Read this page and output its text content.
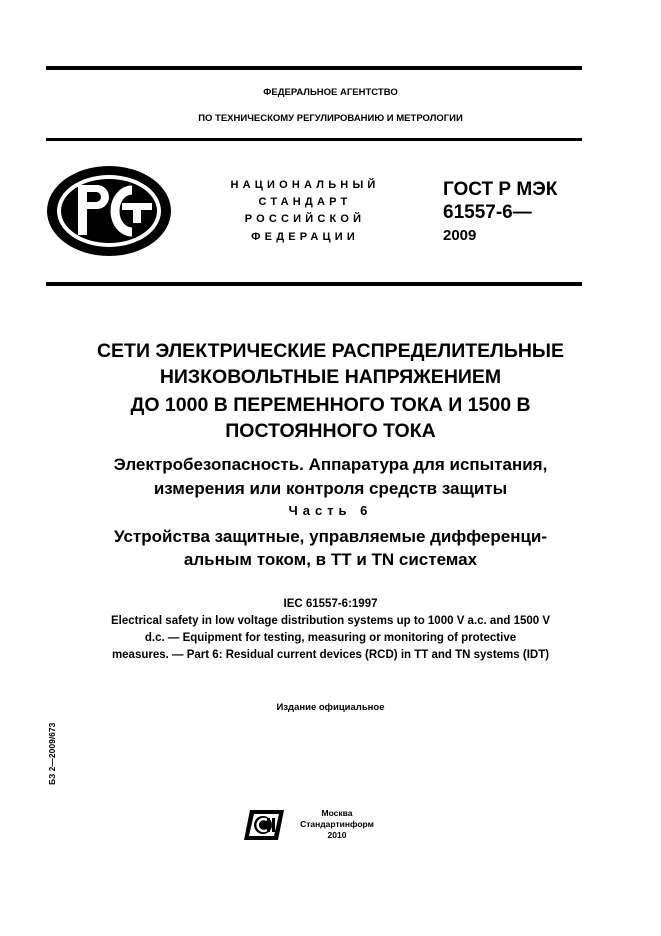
ФЕДЕРАЛЬНОЕ АГЕНТСТВО
ПО ТЕХНИЧЕСКОМУ РЕГУЛИРОВАНИЮ И МЕТРОЛОГИИ
НАЦИОНАЛЬНЫЙ
СТАНДАРТ
РОССИЙСКОЙ
ФЕДЕРАЦИИ
ГОСТ Р МЭК
61557-6—
2009
СЕТИ ЭЛЕКТРИЧЕСКИЕ РАСПРЕДЕЛИТЕЛЬНЫЕ
НИЗКОВОЛЬТНЫЕ НАПРЯЖЕНИЕМ
ДО 1000 В ПЕРЕМЕННОГО ТОКА И 1500 В
ПОСТОЯННОГО ТОКА
Электробезопасность. Аппаратура для испытания,
измерения или контроля средств защиты
Часть 6
Устройства защитные, управляемые дифференци-
альным током, в TT и TN системах
IEC 61557-6:1997
Electrical safety in low voltage distribution systems up to 1000 V a.c. and 1500 V
d.c. — Equipment for testing, measuring or monitoring of protective
measures. — Part 6: Residual current devices (RCD) in TT and TN systems (IDT)
Издание официальное
БЗ 2—2009/673
Москва
Стандартинформ
2010
